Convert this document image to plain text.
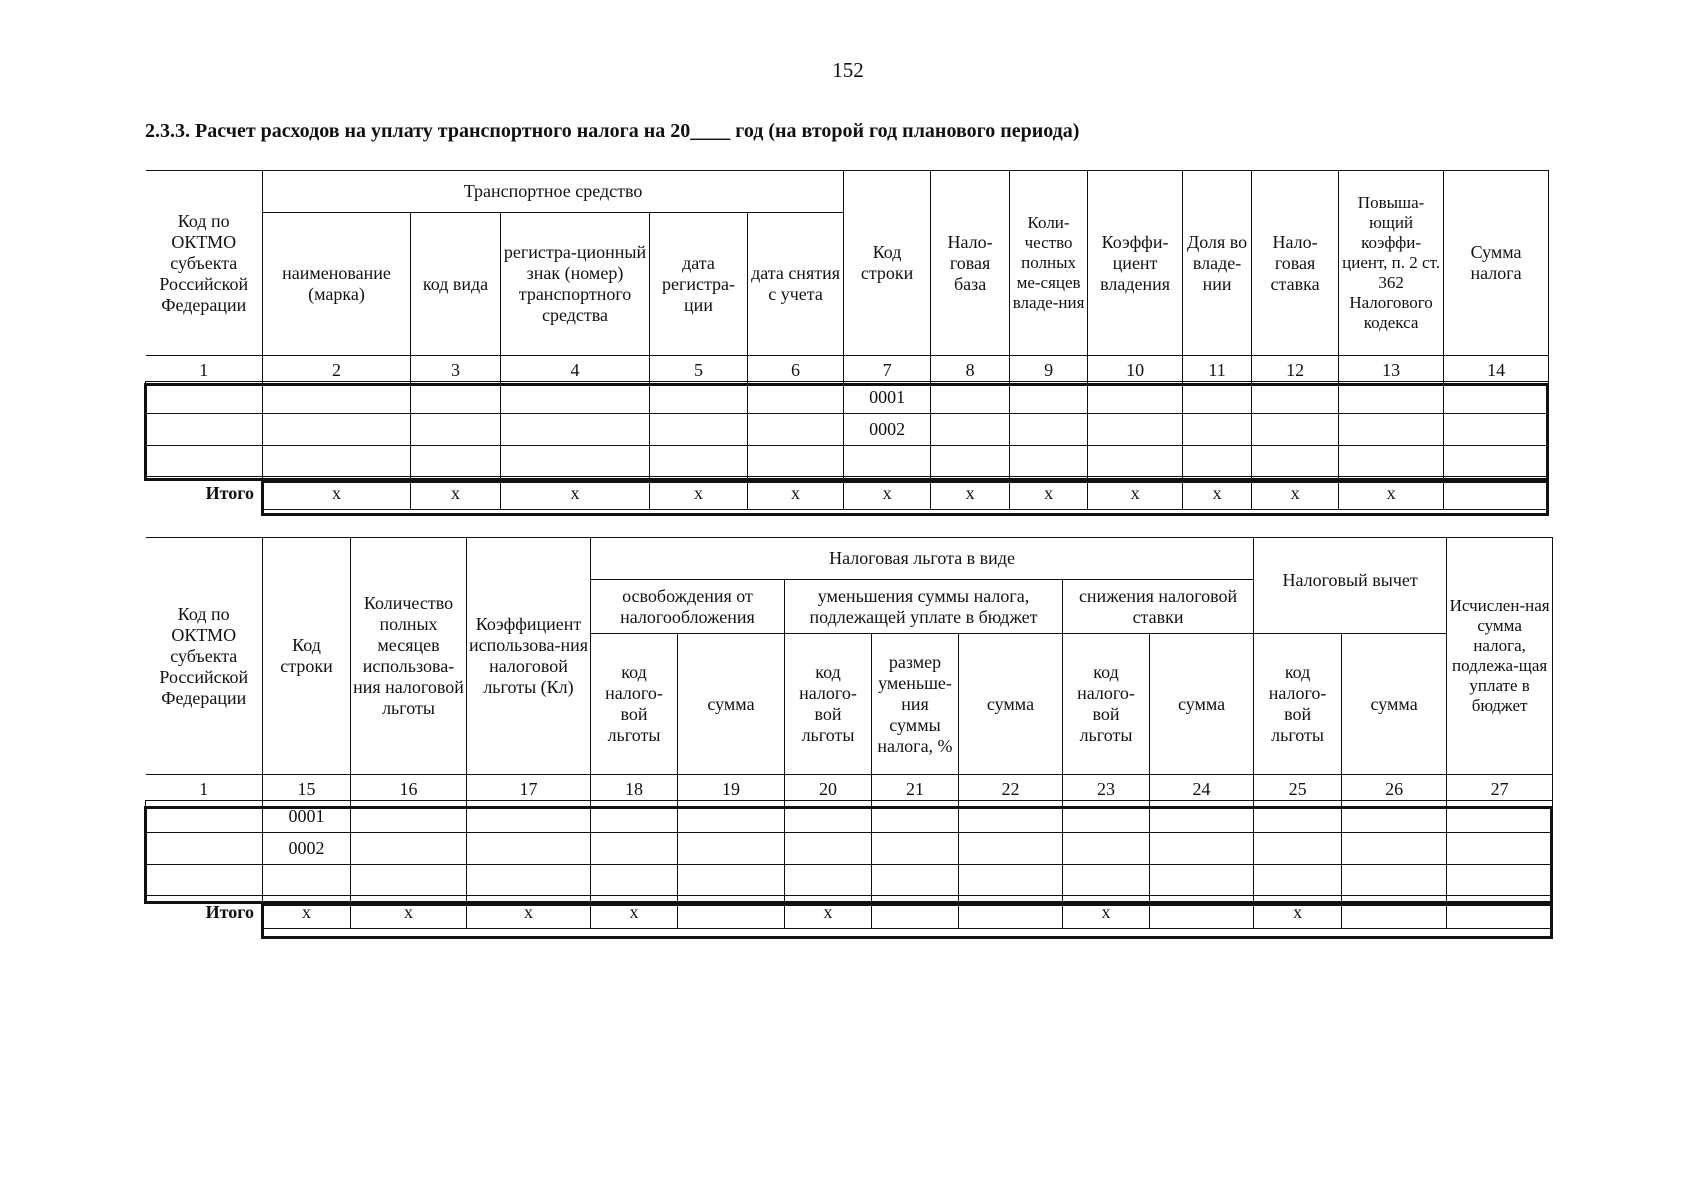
152
2.3.3. Расчет расходов на уплату транспортного налога на 20____ год (на второй год планового периода)
Код по ОКТМО субъекта Российской Федерации	Транспортное средство					Код строки	Нало-говая база	Коли-чество полных ме-сяцев владе-ния	Коэффи-циент владения	Доля во владе-нии	Нало-говая ставка	Повыша-ющий коэффи-циент, п. 2 ст. 362 Налогового кодекса	Сумма налога
	наименование (марка)	код вида	регистра-ционный знак (номер) транспортного средства	дата регистра-ции	дата снятия с учета								
1	2	3	4	5	6	7	8	9	10	11	12	13	14
						0001							
						0002							

Итого	х	х	х	х	х	х	х	х	х	х	х	х	
Код по ОКТМО субъекта Российской Федерации	Код строки	Количество полных месяцев использова-ния налоговой льготы	Коэффициент использова-ния налоговой льготы (Кл)	Налоговая льгота в виде							Налоговый вычет		Исчислен-ная сумма налога, подлежа-щая уплате в бюджет
				освобождения от налогообложения		уменьшения суммы налога, подлежащей уплате в бюджет			снижения налоговой ставки				
				код налого-вой льготы	сумма	код налого-вой льготы	размер уменьше-ния суммы налога, %	сумма	код налого-вой льготы	сумма	код налого-вой льготы	сумма	
1	15	16	17	18	19	20	21	22	23	24	25	26	27
	0001												
	0002												

Итого	х	х	х	х		х			х		х		
